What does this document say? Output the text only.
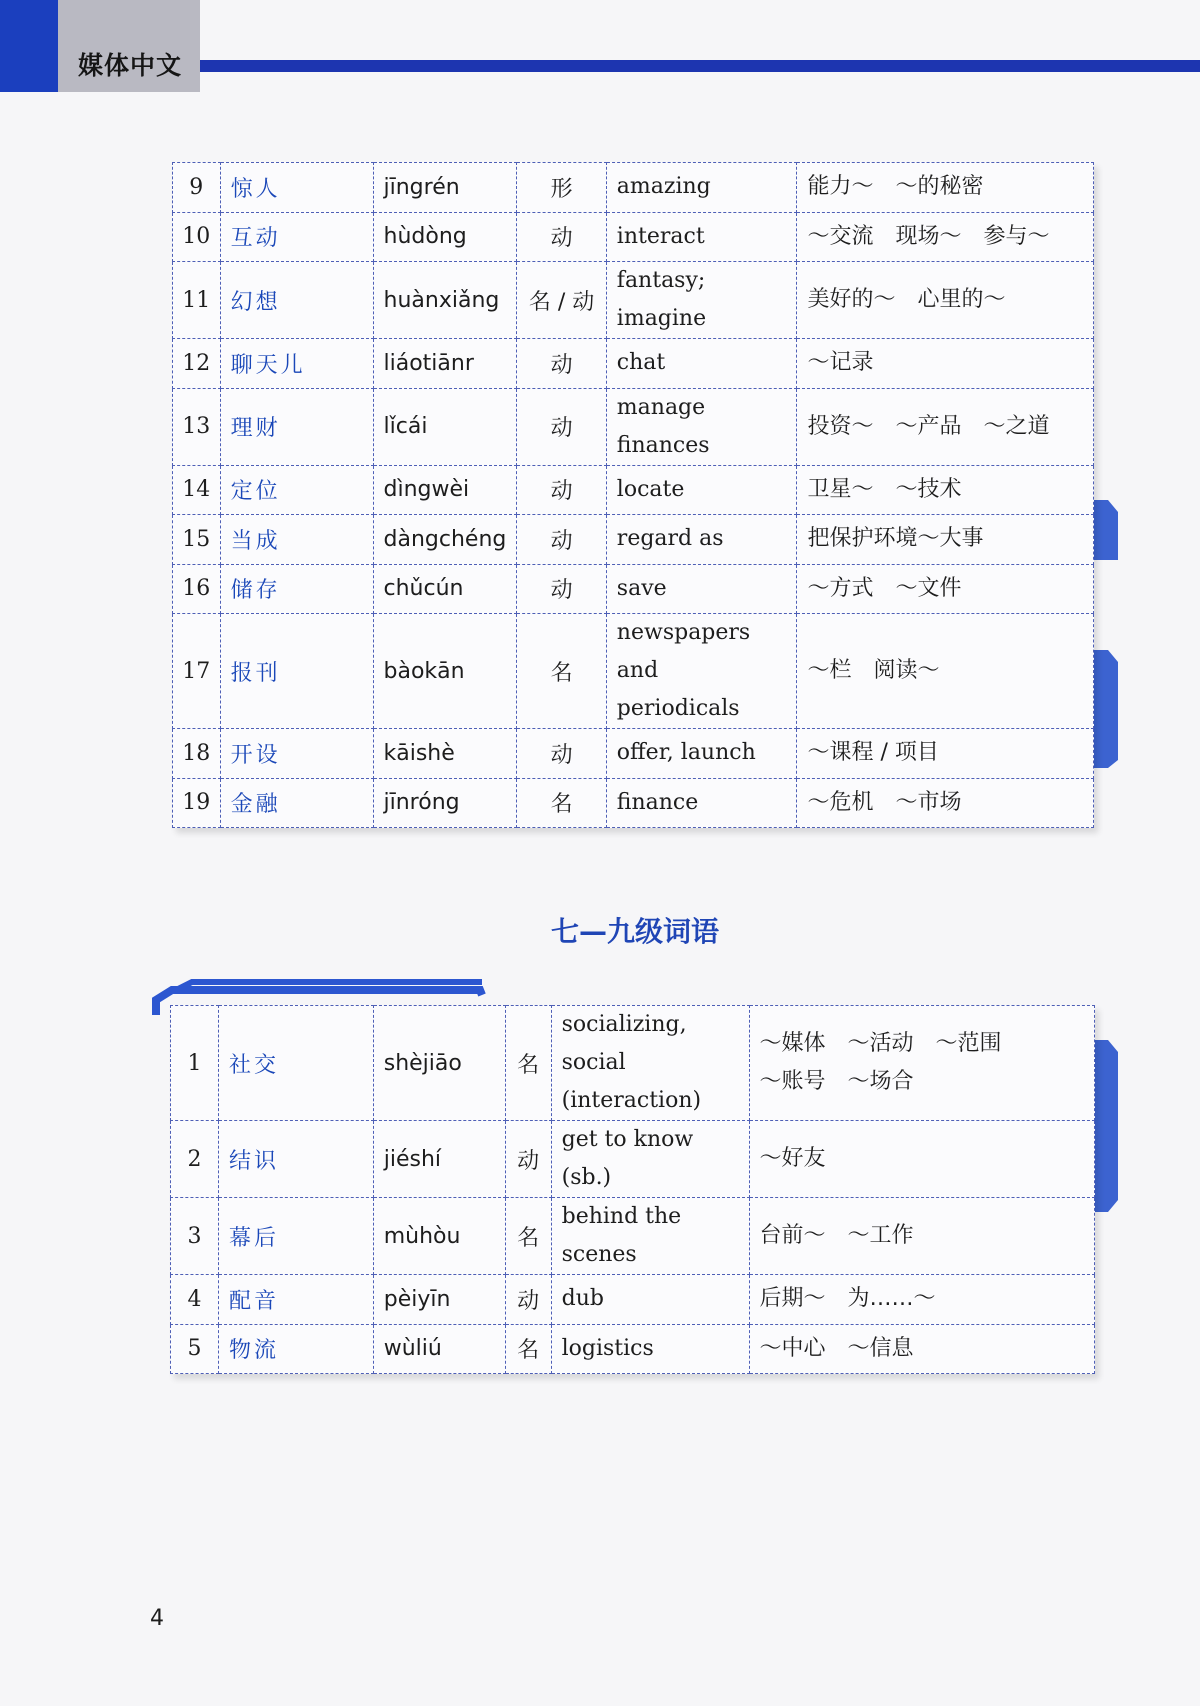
媒体中文
9	惊人	jīngrén	形	amazing	能力～ ～的秘密
10	互动	hùdòng	动	interact	～交流 现场～ 参与～
11	幻想	huànxiǎng	名 / 动	fantasy; imagine	美好的～ 心里的～
12	聊天儿	liáotiānr	动	chat	～记录
13	理财	lǐcái	动	manage finances	投资～ ～产品 ～之道
14	定位	dìngwèi	动	locate	卫星～ ～技术
15	当成	dàngchéng	动	regard as	把保护环境～大事
16	储存	chǔcún	动	save	～方式 ～文件
17	报刊	bàokān	名	newspapers and periodicals	～栏 阅读～
18	开设	kāishè	动	offer, launch	～课程 / 项目
19	金融	jīnróng	名	finance	～危机 ～市场
七—九级词语
1	社交	shèjiāo	名	socializing, social (interaction)	～媒体 ～活动 ～范围～账号 ～场合
2	结识	jiéshí	动	get to know (sb.)	～好友
3	幕后	mùhòu	名	behind the scenes	台前～ ～工作
4	配音	pèiyīn	动	dub	后期～ 为……～
5	物流	wùliú	名	logistics	～中心 ～信息
4
